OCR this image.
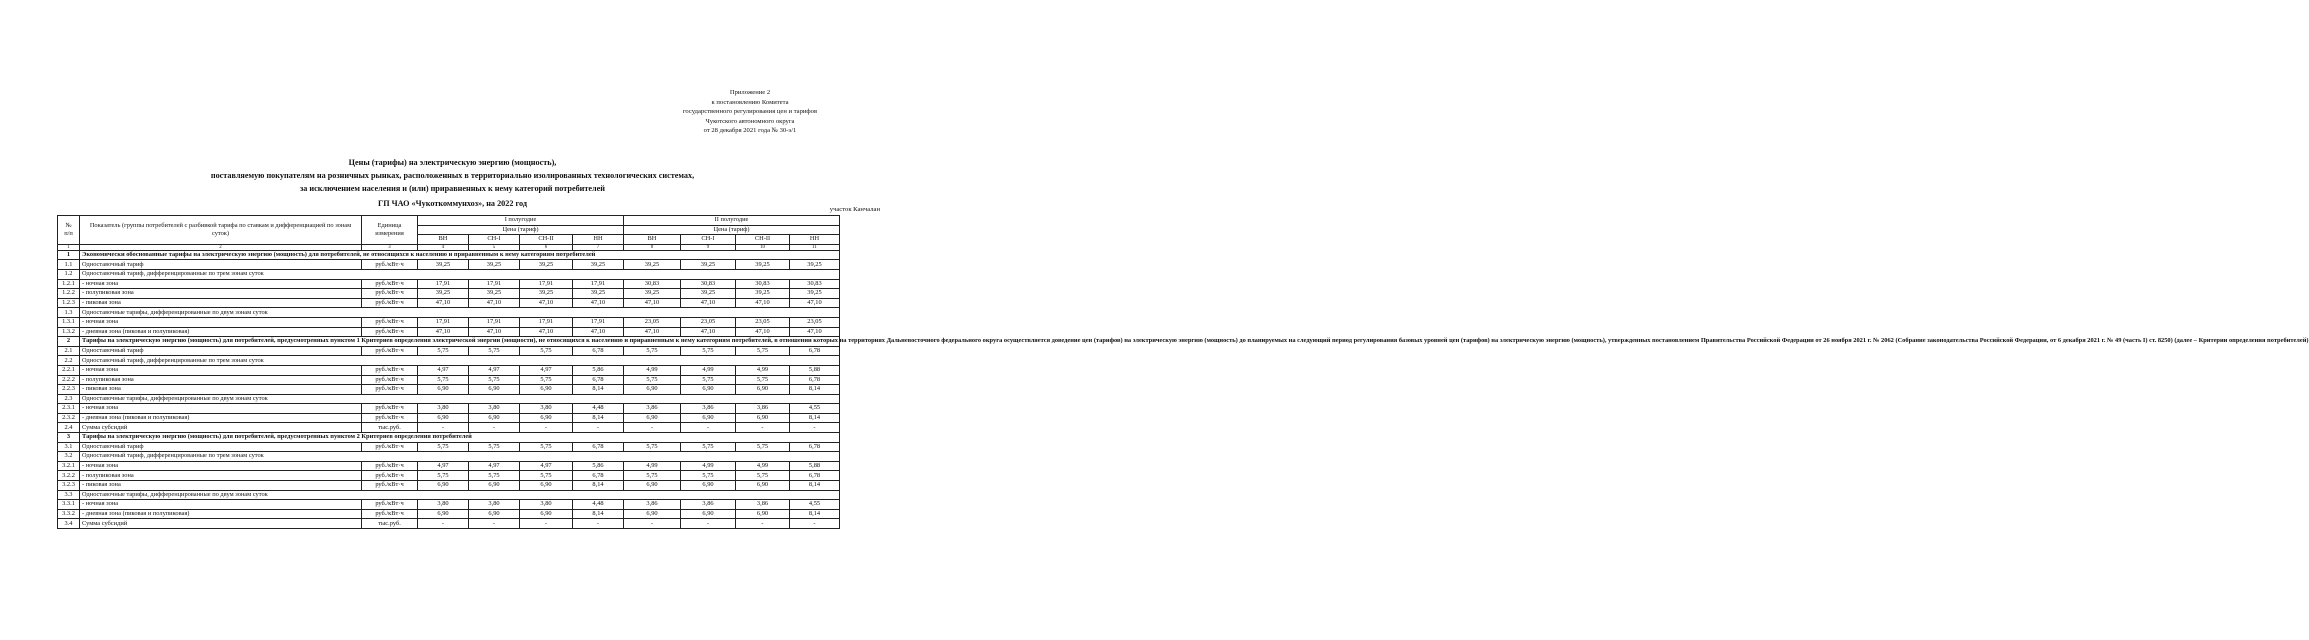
Приложение 2
к постановлению Комитета
государственного регулирования цен и тарифов
Чукотского автономного округа
от 28 декабря 2021 года № 30-э/1
Цены (тарифы) на электрическую энергию (мощность),
поставляемую покупателям на розничных рынках, расположенных в территориально изолированных технологических системах,
за исключением населения и (или) приравненных к нему категорий потребителей
ГП ЧАО «Чукоткоммунхоз», на 2022 год
участок Канчалан
№
п/п	Показатель (группы потребителей с разбивкой тарифа по ставкам и дифференциацией по зонам суток)	Единица измерения	I полугодие				II полугодие			
			Цена (тариф)				Цена (тариф)			
			ВН	СН-I	СН-II	НН	ВН	СН-I	СН-II	НН
1	2	3	4	5	6	7	8	9	10	11
1	Экономически обоснованные тарифы на электрическую энергию (мощность) для потребителей, не относящихся к населению и приравненным к нему категориям потребителей									
1.1	Одноставочный тариф	руб./кВт·ч	39,25	39,25	39,25	39,25	39,25	39,25	39,25	39,25
1.2	Одноставочный тариф, дифференцированные по трем зонам суток									
1.2.1	- ночная зона	руб./кВт·ч	17,91	17,91	17,91	17,91	30,83	30,83	30,83	30,83
1.2.2	- полупиковая зона	руб./кВт·ч	39,25	39,25	39,25	39,25	39,25	39,25	39,25	39,25
1.2.3	- пиковая зона	руб./кВт·ч	47,10	47,10	47,10	47,10	47,10	47,10	47,10	47,10
1.3	Одноставочные тарифы, дифференцированные по двум зонам суток									
1.3.1	- ночная зона	руб./кВт·ч	17,91	17,91	17,91	17,91	23,05	23,05	23,05	23,05
1.3.2	- дневная зона (пиковая и полупиковая)	руб./кВт·ч	47,10	47,10	47,10	47,10	47,10	47,10	47,10	47,10
2	Тарифы на электрическую энергию (мощность) для потребителей, предусмотренных пунктом 1 Критериев определения электрической энергии (мощности), не относящихся к населению и приравненным к нему категориям потребителей, в отношении которых на территориях Дальневосточного федерального округа осуществляется доведение цен (тарифов) на электрическую энергию (мощность) до планируемых на следующий период регулирования базовых уровней цен (тарифов) на электрическую энергию (мощность), утвержденных постановлением Правительства Российской Федерации от 26 ноября 2021 г. № 2062 (Собрание законодательства Российской Федерации, от 6 декабря 2021 г. № 49 (часть I) ст. 8250) (далее – Критерии определения потребителей)									
2.1	Одноставочный тариф	руб./кВт·ч	5,75	5,75	5,75	6,78	5,75	5,75	5,75	6,78
2.2	Одноставочный тариф, дифференцированные по трем зонам суток									
2.2.1	- ночная зона	руб./кВт·ч	4,97	4,97	4,97	5,86	4,99	4,99	4,99	5,88
2.2.2	- полупиковая зона	руб./кВт·ч	5,75	5,75	5,75	6,78	5,75	5,75	5,75	6,78
2.2.3	- пиковая зона	руб./кВт·ч	6,90	6,90	6,90	8,14	6,90	6,90	6,90	8,14
2.3	Одноставочные тарифы, дифференцированные по двум зонам суток									
2.3.1	- ночная зона	руб./кВт·ч	3,80	3,80	3,80	4,48	3,86	3,86	3,86	4,55
2.3.2	- дневная зона (пиковая и полупиковая)	руб./кВт·ч	6,90	6,90	6,90	8,14	6,90	6,90	6,90	8,14
2.4	Сумма субсидий	тыс.руб.	-	-	-	-	-	-	-	-
3	Тарифы на электрическую энергию (мощность) для потребителей, предусмотренных пунктом 2 Критериев определения потребителей									
3.1	Одноставочный тариф	руб./кВт·ч	5,75	5,75	5,75	6,78	5,75	5,75	5,75	6,78
3.2	Одноставочный тариф, дифференцированные по трем зонам суток									
3.2.1	- ночная зона	руб./кВт·ч	4,97	4,97	4,97	5,86	4,99	4,99	4,99	5,88
3.2.2	- полупиковая зона	руб./кВт·ч	5,75	5,75	5,75	6,78	5,75	5,75	5,75	6,78
3.2.3	- пиковая зона	руб./кВт·ч	6,90	6,90	6,90	8,14	6,90	6,90	6,90	8,14
3.3	Одноставочные тарифы, дифференцированные по двум зонам суток									
3.3.1	- ночная зона	руб./кВт·ч	3,80	3,80	3,80	4,48	3,86	3,86	3,86	4,55
3.3.2	- дневная зона (пиковая и полупиковая)	руб./кВт·ч	6,90	6,90	6,90	8,14	6,90	6,90	6,90	8,14
3.4	Сумма субсидий	тыс.руб.	-	-	-	-	-	-	-	-
